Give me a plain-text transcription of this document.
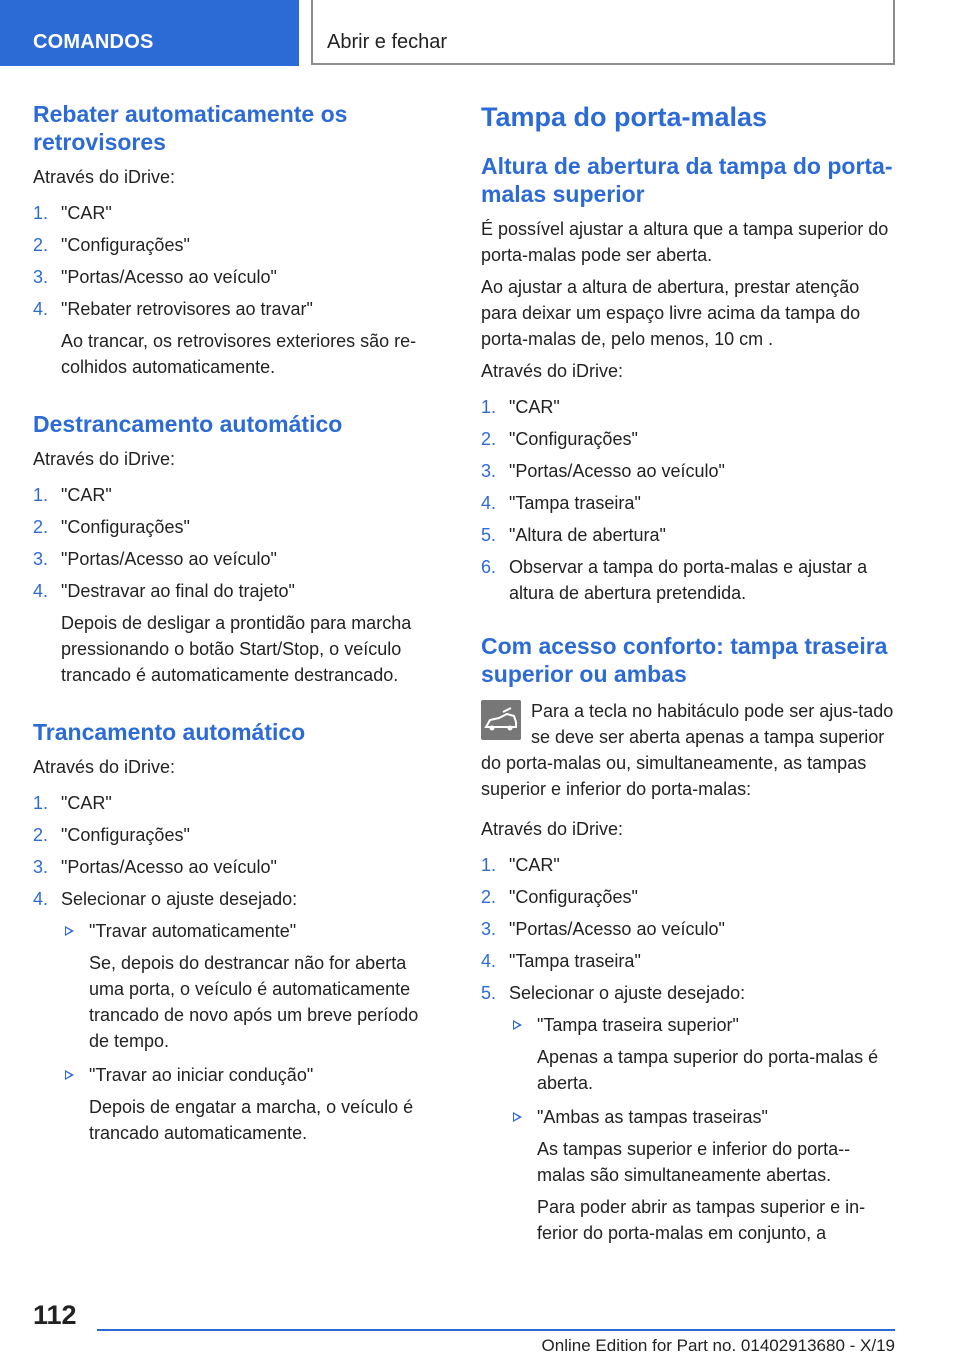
COMANDOS	Abrir e fechar
Rebater automaticamente os retrovisores

Através do iDrive:

1. "CAR"
2. "Configurações"
3. "Portas/Acesso ao veículo"
4. "Rebater retrovisores ao travar"
Ao trancar, os retrovisores exteriores são re-colhidos automaticamente.
Destrancamento automático

Através do iDrive:

1. "CAR"
2. "Configurações"
3. "Portas/Acesso ao veículo"
4. "Destravar ao final do trajeto"
Depois de desligar a prontidão para marcha pressionando o botão Start/Stop, o veículo trancado é automaticamente destrancado.
Trancamento automático

Através do iDrive:

1. "CAR"
2. "Configurações"
3. "Portas/Acesso ao veículo"
4. Selecionar o ajuste desejado:
"Travar automaticamente"
Se, depois do destrancar não for aberta uma porta, o veículo é automaticamente trancado de novo após um breve período de tempo.
"Travar ao iniciar condução"
Depois de engatar a marcha, o veículo é trancado automaticamente.
Tampa do porta-malas
Altura de abertura da tampa do porta-malas superior

É possível ajustar a altura que a tampa superior do porta-malas pode ser aberta.

Ao ajustar a altura de abertura, prestar atenção para deixar um espaço livre acima da tampa do porta-malas de, pelo menos, 10 cm .

Através do iDrive:

1. "CAR"
2. "Configurações"
3. "Portas/Acesso ao veículo"
4. "Tampa traseira"
5. "Altura de abertura"
6. Observar a tampa do porta-malas e ajustar a altura de abertura pretendida.
Com acesso conforto: tampa traseira superior ou ambas
Para a tecla no habitáculo pode ser ajus-tado se deve ser aberta apenas a tampa superior do porta-malas ou, simultaneamente, as tampas superior e inferior do porta-malas:

Através do iDrive:

1. "CAR"
2. "Configurações"
3. "Portas/Acesso ao veículo"
4. "Tampa traseira"
5. Selecionar o ajuste desejado:
"Tampa traseira superior"
Apenas a tampa superior do porta-malas é aberta.
"Ambas as tampas traseiras"
As tampas superior e inferior do porta--malas são simultaneamente abertas.
Para poder abrir as tampas superior e in-ferior do porta-malas em conjunto, a
112
Online Edition for Part no. 01402913680 - X/19
